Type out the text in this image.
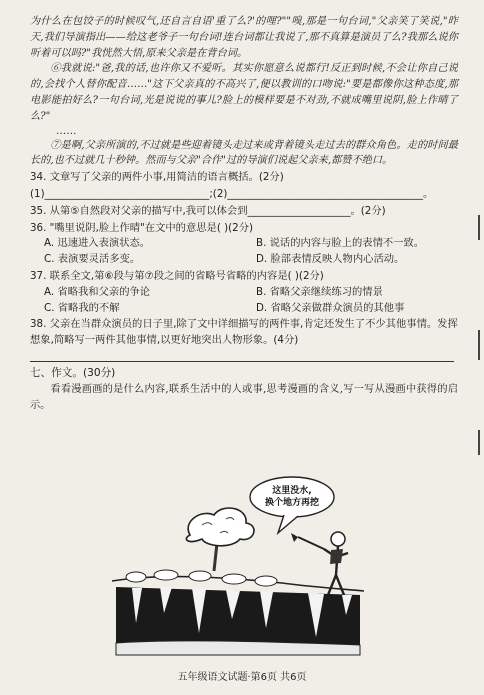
为什么在包饺子的时候叹气,还自言自语'重了么?'的哩?""嗅,那是一句台词,"父亲笑了笑说,"昨天,我们导演指出——给这老爷子一句台词!连台词都让我说了,那不真算是演员了么?我那么说你听着可以吗?"我恍然大悟,原来父亲是在背台词。

⑥我就说:"爸,我的话,也许你又不爱听。其实你愿意么说都行!反正到时候,不会让你自己说的,会找个人替你配音……"这下父亲真的不高兴了,便以教训的口吻说:"要是都像你这种态度,那电影能拍好么?一句台词,光是说说的事儿?脸上的模样要是不对劲,不就成嘴里说阴,脸上作晴了么?"

……

⑦是啊,父亲所演的,不过就是些迎着镜头走过来或背着镜头走过去的群众角色。走的时间最长的,也不过就几十秒钟。然而与父亲"合作"过的导演们说起父亲来,都赞不绝口。

34. 文章写了父亲的两件小事,用简洁的语言概括。(2分)
(1)________________________________;(2)______________________________________。
35. 从第⑤自然段对父亲的描写中,我可以体会到____________________。(2分)
36. "嘴里说阴,脸上作晴"在文中的意思是( )(2分)
A. 迅速进入表演状态。	B. 说话的内容与脸上的表情不一致。
C. 表演要灵活多变。	D. 脸部表情反映人物内心活动。
37. 联系全文,第⑥段与第⑦段之间的省略号省略的内容是( )(2分)
A. 省略我和父亲的争论	B. 省略父亲继续练习的情景
C. 省略我的不解	D. 省略父亲做群众演员的其他事
38. 父亲在当群众演员的日子里,除了文中详细描写的两件事,肯定还发生了不少其他事情。发挥想象,简略写一两件其他事情,以更好地突出人物形象。(4分)
七、作文。(30分)

看看漫画画的是什么内容,联系生活中的人或事,思考漫画的含义,写一写从漫画中获得的启示。

这里没水,
换个地方再挖
五年级语文试题·第6页 共6页
